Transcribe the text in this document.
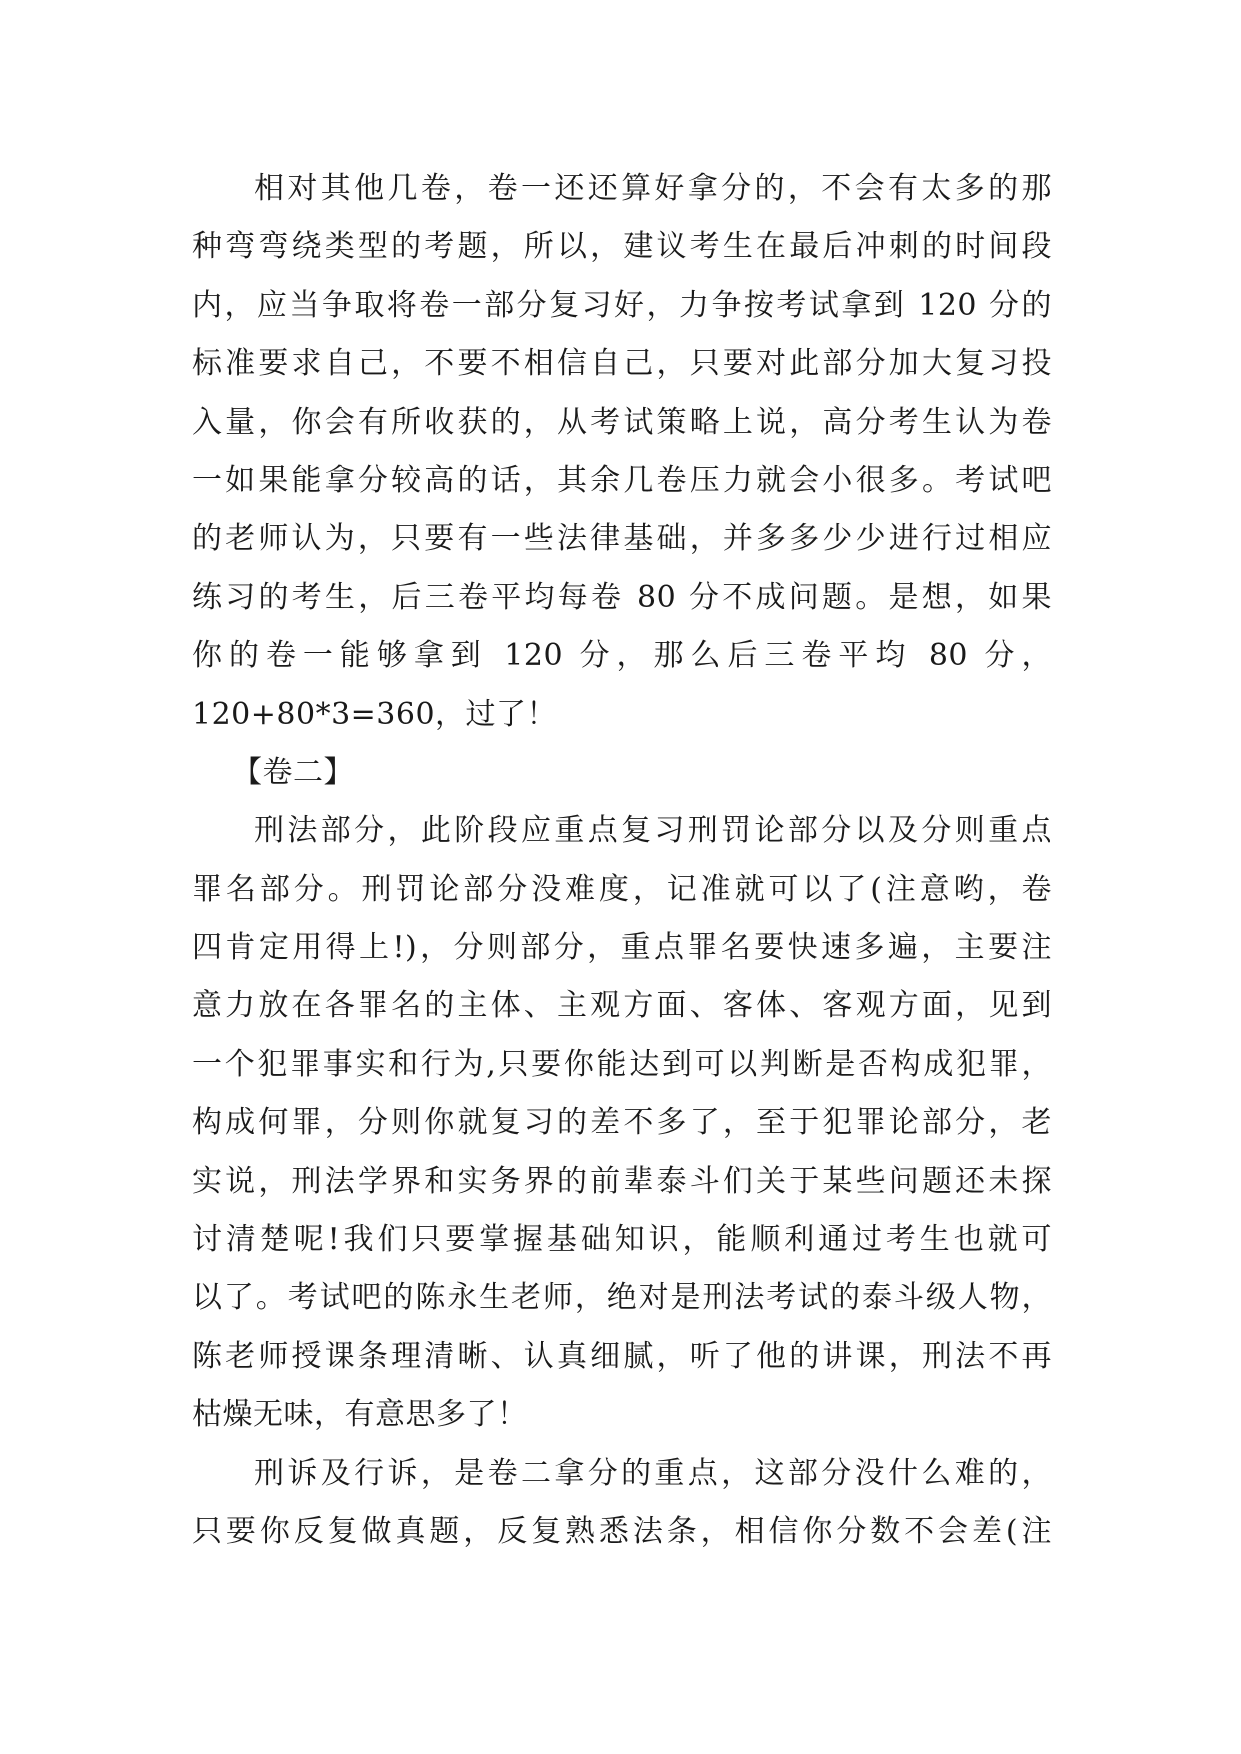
相对其他几卷，卷一还还算好拿分的，不会有太多的那
种弯弯绕类型的考题，所以，建议考生在最后冲刺的时间段
内，应当争取将卷一部分复习好，力争按考试拿到 120 分的
标准要求自己，不要不相信自己，只要对此部分加大复习投
入量，你会有所收获的，从考试策略上说，高分考生认为卷
一如果能拿分较高的话，其余几卷压力就会小很多。考试吧
的老师认为，只要有一些法律基础，并多多少少进行过相应
练习的考生，后三卷平均每卷 80 分不成问题。是想，如果
你的卷一能够拿到 120 分，那么后三卷平均 80 分，
120+80*3=360，过了！
【卷二】
刑法部分，此阶段应重点复习刑罚论部分以及分则重点
罪名部分。刑罚论部分没难度，记准就可以了(注意哟，卷
四肯定用得上!)，分则部分，重点罪名要快速多遍，主要注
意力放在各罪名的主体、主观方面、客体、客观方面，见到
一个犯罪事实和行为,只要你能达到可以判断是否构成犯罪，
构成何罪，分则你就复习的差不多了，至于犯罪论部分，老
实说，刑法学界和实务界的前辈泰斗们关于某些问题还未探
讨清楚呢!我们只要掌握基础知识，能顺利通过考生也就可
以了。考试吧的陈永生老师，绝对是刑法考试的泰斗级人物，
陈老师授课条理清晰、认真细腻，听了他的讲课，刑法不再
枯燥无味，有意思多了！
刑诉及行诉，是卷二拿分的重点，这部分没什么难的，
只要你反复做真题，反复熟悉法条，相信你分数不会差(注
